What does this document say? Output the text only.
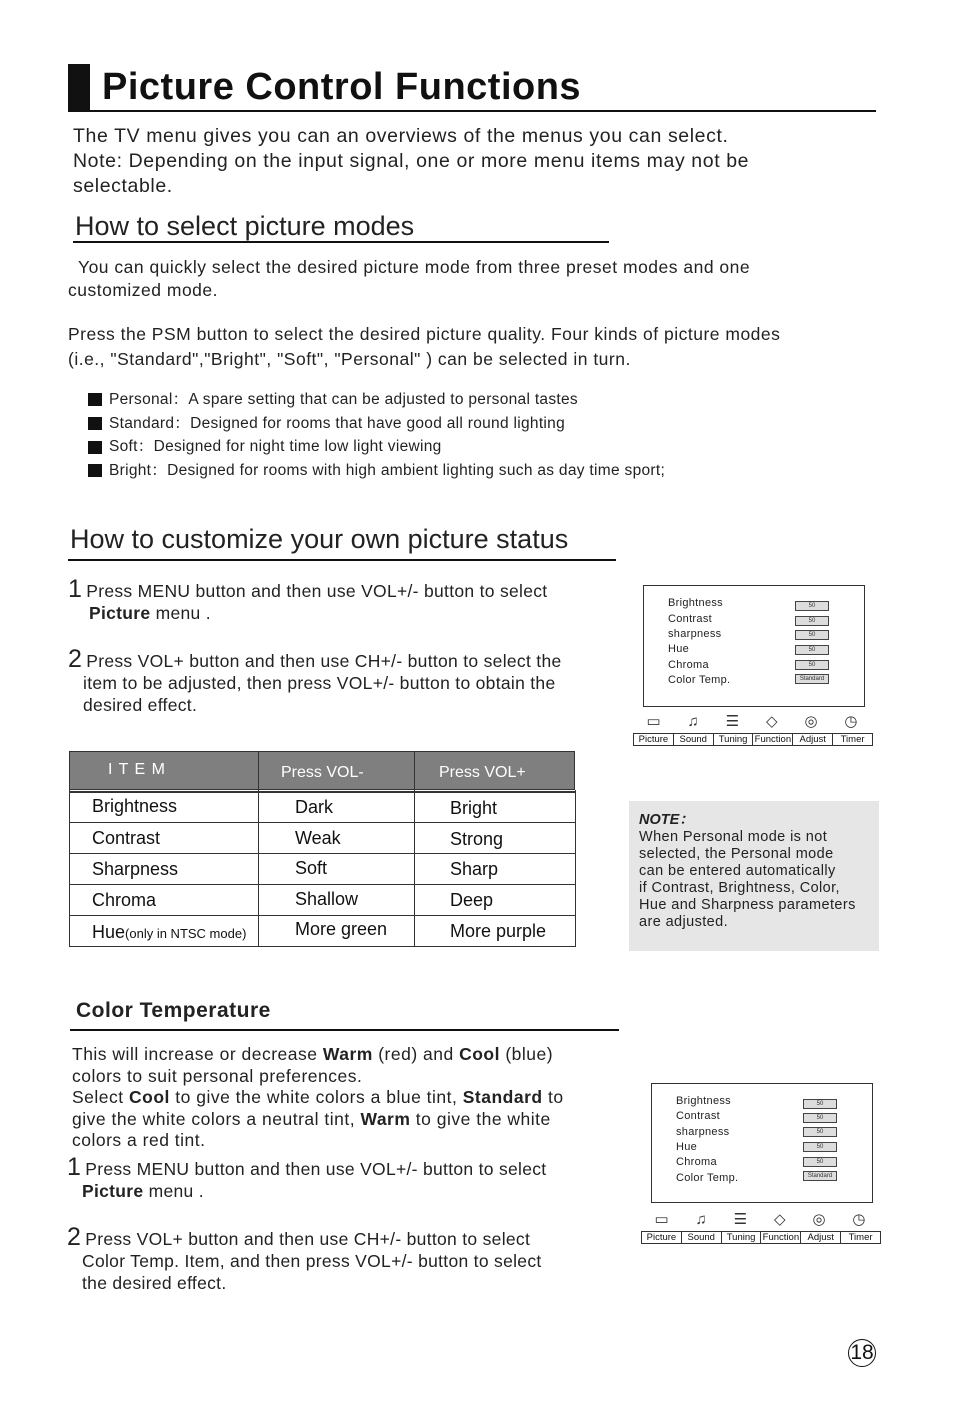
Picture Control Functions
The TV menu gives you can an overviews of the menus you can select.
Note: Depending on the input signal, one or more menu items may not be
selectable.
How to select picture modes
You can quickly select the desired picture mode from three preset modes and one
customized mode.
Press the PSM button to select the desired picture quality. Four kinds of picture modes
(i.e., "Standard","Bright", "Soft", "Personal" ) can be selected in turn.
Personal：A spare setting that can be adjusted to personal tastes
Standard：Designed for rooms that have good all round lighting
Soft：Designed for night time low light viewing
Bright：Designed for rooms with high ambient lighting such as day time sport;
How to customize your own picture status
1 Press MENU button and then use VOL+/- button to select
Picture menu .
2 Press VOL+ button and then use CH+/- button to select the
item to be adjusted, then press VOL+/- button to obtain the
desired effect.
Brightness	50
Contrast	50
sharpness	50
Hue	50
Chroma	50
Color Temp.	Standard
▭ ♫ ☰ ◇ ◎ ◷
Picture	Sound	Tuning Function Adjust	Timer
I T E M	Press VOL-	Press VOL+
Brightness	Dark	Bright
Contrast	Weak	Strong
Sharpness	Soft	Sharp
Chroma	Shallow	Deep
Hue(only in NTSC mode)	More green	More purple
NOTE：
When Personal mode is not
selected, the Personal mode
can be entered automatically
if Contrast, Brightness, Color,
Hue and Sharpness parameters
are adjusted.
Color Temperature
This will increase or decrease Warm (red) and Cool (blue)
colors to suit personal preferences.
Select Cool to give the white colors a blue tint, Standard to
give the white colors a neutral tint, Warm to give the white
colors a red tint.
1 Press MENU button and then use VOL+/- button to select
Picture menu .
2 Press VOL+ button and then use CH+/- button to select
Color Temp. Item, and then press VOL+/- button to select
the desired effect.
Brightness	50
Contrast	50
sharpness	50
Hue	50
Chroma	50
Color Temp.	Standard
▭ ♫ ☰ ◇ ◎ ◷
Picture	Sound	Tuning Function Adjust	Timer
18
